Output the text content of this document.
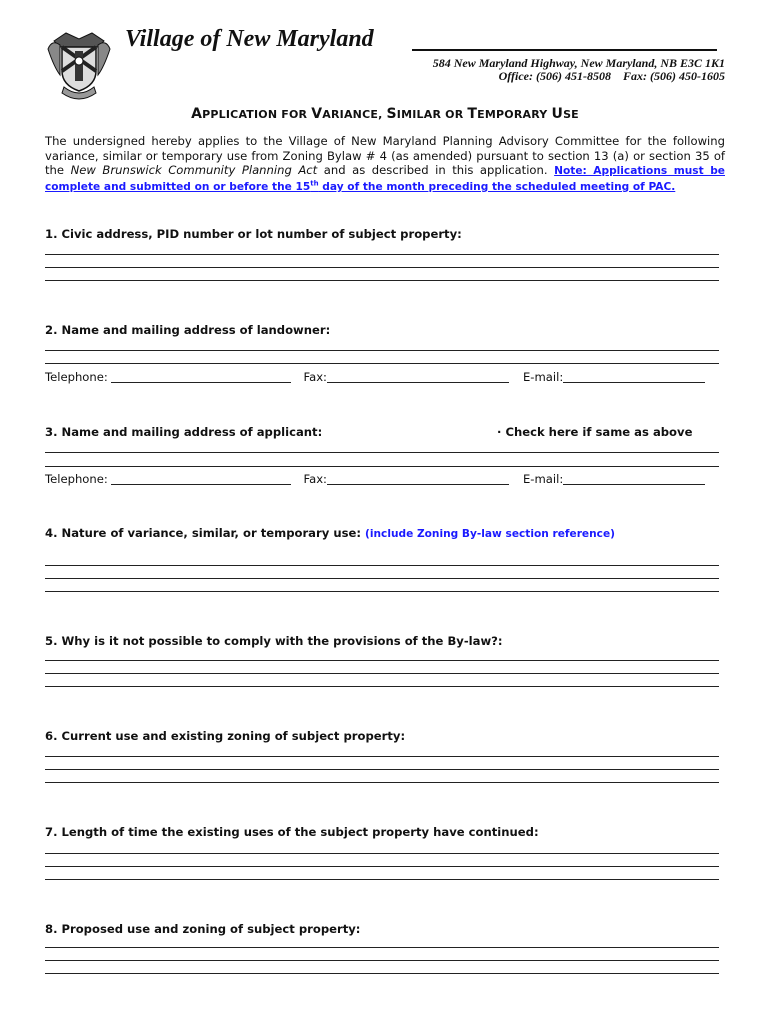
Village of New Maryland
584 New Maryland Highway, New Maryland, NB E3C 1K1
Office: (506) 451-8508 Fax: (506) 450-1605
APPLICATION FOR VARIANCE, SIMILAR OR TEMPORARY USE
The undersigned hereby applies to the Village of New Maryland Planning Advisory Committee for the following variance, similar or temporary use from Zoning Bylaw # 4 (as amended) pursuant to section 13 (a) or section 35 of the New Brunswick Community Planning Act and as described in this application. Note: Applications must be complete and submitted on or before the 15th day of the month preceding the scheduled meeting of PAC.
1. Civic address, PID number or lot number of subject property:
2. Name and mailing address of landowner:
Telephone:	Fax:	E-mail:
3. Name and mailing address of applicant:	· Check here if same as above
Telephone:	Fax:	E-mail:
4. Nature of variance, similar, or temporary use: (include Zoning By-law section reference)
5. Why is it not possible to comply with the provisions of the By-law?:
6. Current use and existing zoning of subject property:
7. Length of time the existing uses of the subject property have continued:
8. Proposed use and zoning of subject property:
